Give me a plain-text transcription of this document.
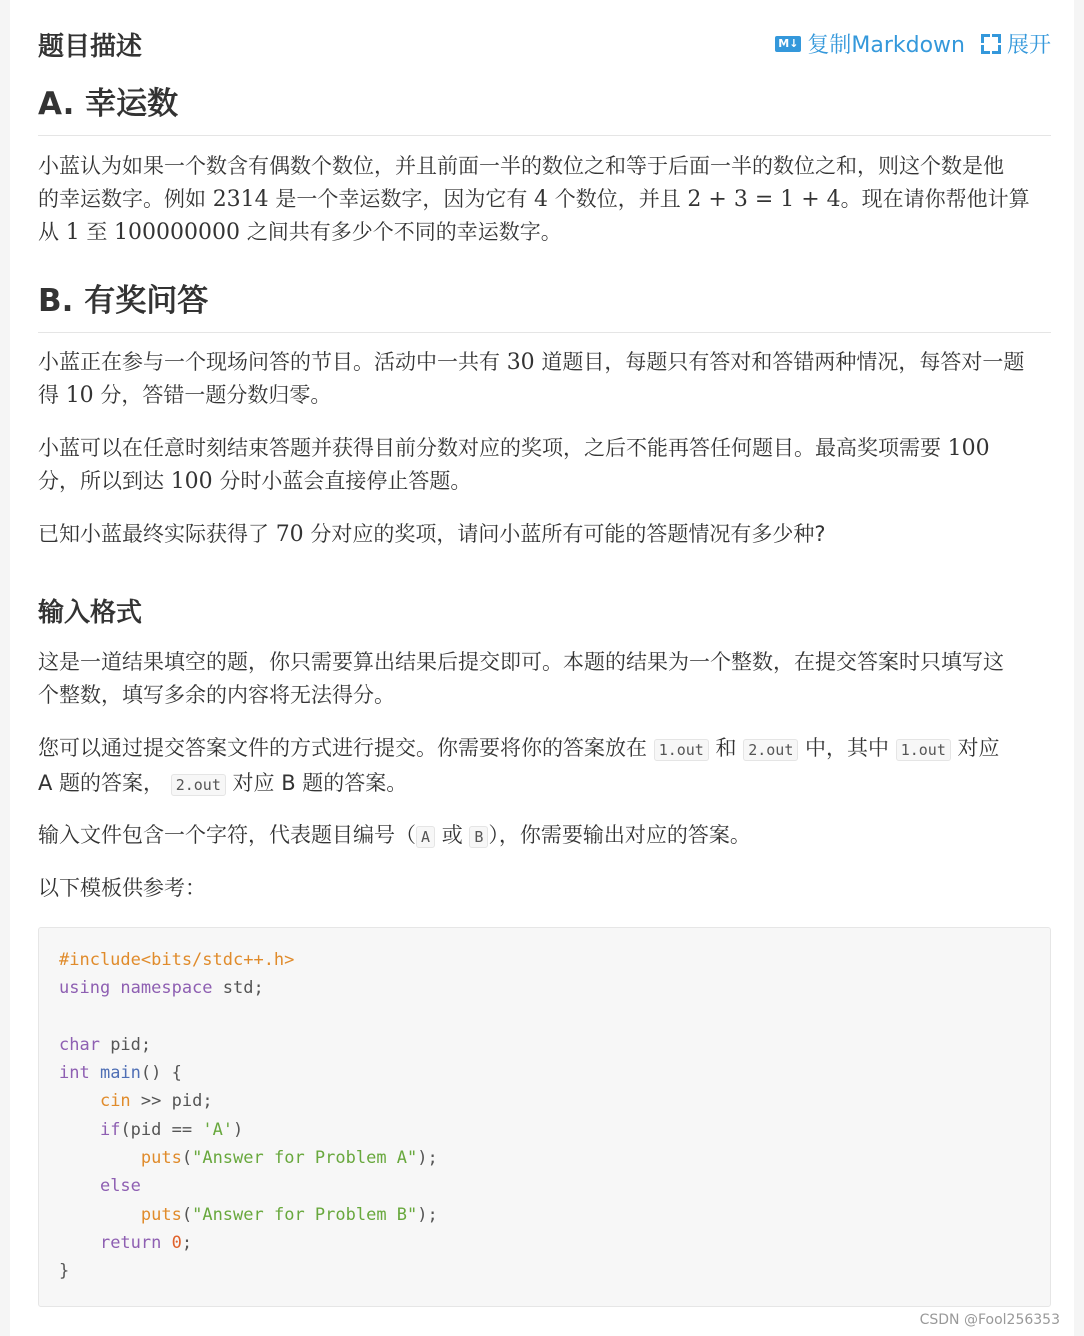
题目描述	M↓ 复制Markdown 展开
A. 幸运数

小蓝认为如果一个数含有偶数个数位，并且前面一半的数位之和等于后面一半的数位之和，则这个数是他
的幸运数字。例如 2314 是一个幸运数字，因为它有 4 个数位，并且 2 + 3 = 1 + 4。现在请你帮他计算
从 1 至 100000000 之间共有多少个不同的幸运数字。

B. 有奖问答

小蓝正在参与一个现场问答的节目。活动中一共有 30 道题目，每题只有答对和答错两种情况，每答对一题
得 10 分，答错一题分数归零。

小蓝可以在任意时刻结束答题并获得目前分数对应的奖项，之后不能再答任何题目。最高奖项需要 100
分，所以到达 100 分时小蓝会直接停止答题。

已知小蓝最终实际获得了 70 分对应的奖项，请问小蓝所有可能的答题情况有多少种?

输入格式

这是一道结果填空的题，你只需要算出结果后提交即可。本题的结果为一个整数，在提交答案时只填写这
个整数，填写多余的内容将无法得分。

您可以通过提交答案文件的方式进行提交。你需要将你的答案放在 1.out 和 2.out 中，其中 1.out 对应
A 题的答案， 2.out 对应 B 题的答案。

输入文件包含一个字符，代表题目编号（ A 或 B ），你需要输出对应的答案。

以下模板供参考：

#include<bits/stdc++.h>
using namespace std;

char pid;
int main() {
cin >> pid;
if(pid == 'A')
puts("Answer for Problem A");
else
puts("Answer for Problem B");
return 0;
}
CSDN @Fool256353
